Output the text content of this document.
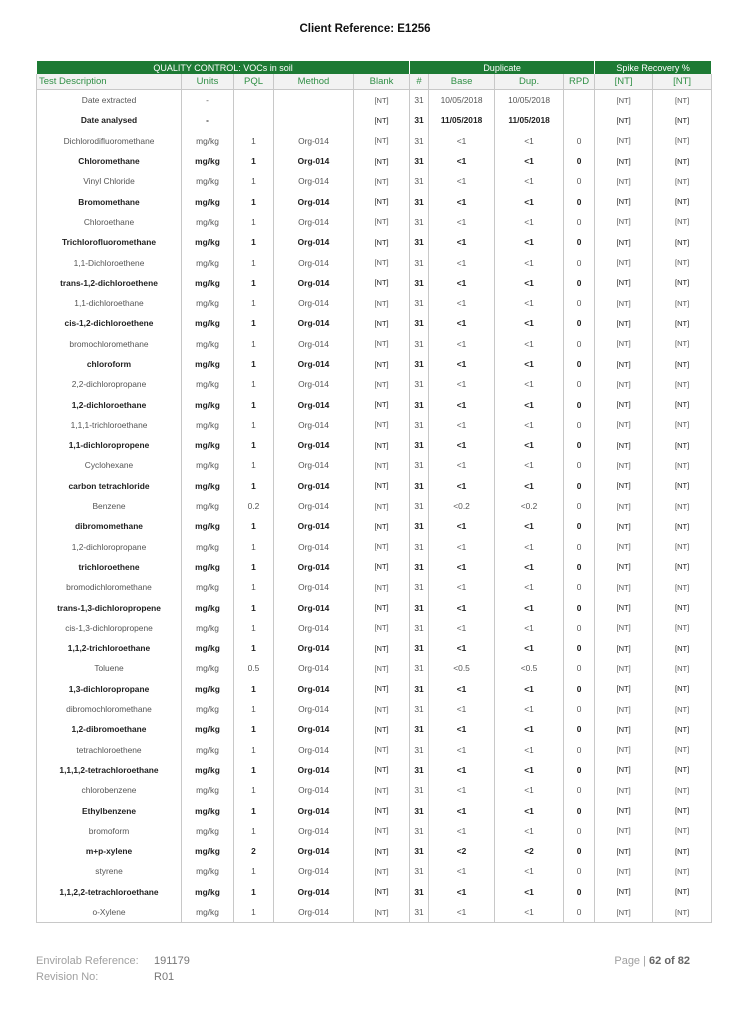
Client Reference: E1256
QUALITY CONTROL: VOCs in soil					Duplicate				Spike Recovery %	
Test Description	Units	PQL	Method	Blank	#	Base	Dup.	RPD	[NT]	[NT]
Date extracted	-			[NT]	31	10/05/2018	10/05/2018		[NT]	[NT]
Date analysed	-			[NT]	31	11/05/2018	11/05/2018		[NT]	[NT]
Dichlorodifluoromethane	mg/kg	1	Org-014	[NT]	31	<1	<1	0	[NT]	[NT]
Chloromethane	mg/kg	1	Org-014	[NT]	31	<1	<1	0	[NT]	[NT]
Vinyl Chloride	mg/kg	1	Org-014	[NT]	31	<1	<1	0	[NT]	[NT]
Bromomethane	mg/kg	1	Org-014	[NT]	31	<1	<1	0	[NT]	[NT]
Chloroethane	mg/kg	1	Org-014	[NT]	31	<1	<1	0	[NT]	[NT]
Trichlorofluoromethane	mg/kg	1	Org-014	[NT]	31	<1	<1	0	[NT]	[NT]
1,1-Dichloroethene	mg/kg	1	Org-014	[NT]	31	<1	<1	0	[NT]	[NT]
trans-1,2-dichloroethene	mg/kg	1	Org-014	[NT]	31	<1	<1	0	[NT]	[NT]
1,1-dichloroethane	mg/kg	1	Org-014	[NT]	31	<1	<1	0	[NT]	[NT]
cis-1,2-dichloroethene	mg/kg	1	Org-014	[NT]	31	<1	<1	0	[NT]	[NT]
bromochloromethane	mg/kg	1	Org-014	[NT]	31	<1	<1	0	[NT]	[NT]
chloroform	mg/kg	1	Org-014	[NT]	31	<1	<1	0	[NT]	[NT]
2,2-dichloropropane	mg/kg	1	Org-014	[NT]	31	<1	<1	0	[NT]	[NT]
1,2-dichloroethane	mg/kg	1	Org-014	[NT]	31	<1	<1	0	[NT]	[NT]
1,1,1-trichloroethane	mg/kg	1	Org-014	[NT]	31	<1	<1	0	[NT]	[NT]
1,1-dichloropropene	mg/kg	1	Org-014	[NT]	31	<1	<1	0	[NT]	[NT]
Cyclohexane	mg/kg	1	Org-014	[NT]	31	<1	<1	0	[NT]	[NT]
carbon tetrachloride	mg/kg	1	Org-014	[NT]	31	<1	<1	0	[NT]	[NT]
Benzene	mg/kg	0.2	Org-014	[NT]	31	<0.2	<0.2	0	[NT]	[NT]
dibromomethane	mg/kg	1	Org-014	[NT]	31	<1	<1	0	[NT]	[NT]
1,2-dichloropropane	mg/kg	1	Org-014	[NT]	31	<1	<1	0	[NT]	[NT]
trichloroethene	mg/kg	1	Org-014	[NT]	31	<1	<1	0	[NT]	[NT]
bromodichloromethane	mg/kg	1	Org-014	[NT]	31	<1	<1	0	[NT]	[NT]
trans-1,3-dichloropropene	mg/kg	1	Org-014	[NT]	31	<1	<1	0	[NT]	[NT]
cis-1,3-dichloropropene	mg/kg	1	Org-014	[NT]	31	<1	<1	0	[NT]	[NT]
1,1,2-trichloroethane	mg/kg	1	Org-014	[NT]	31	<1	<1	0	[NT]	[NT]
Toluene	mg/kg	0.5	Org-014	[NT]	31	<0.5	<0.5	0	[NT]	[NT]
1,3-dichloropropane	mg/kg	1	Org-014	[NT]	31	<1	<1	0	[NT]	[NT]
dibromochloromethane	mg/kg	1	Org-014	[NT]	31	<1	<1	0	[NT]	[NT]
1,2-dibromoethane	mg/kg	1	Org-014	[NT]	31	<1	<1	0	[NT]	[NT]
tetrachloroethene	mg/kg	1	Org-014	[NT]	31	<1	<1	0	[NT]	[NT]
1,1,1,2-tetrachloroethane	mg/kg	1	Org-014	[NT]	31	<1	<1	0	[NT]	[NT]
chlorobenzene	mg/kg	1	Org-014	[NT]	31	<1	<1	0	[NT]	[NT]
Ethylbenzene	mg/kg	1	Org-014	[NT]	31	<1	<1	0	[NT]	[NT]
bromoform	mg/kg	1	Org-014	[NT]	31	<1	<1	0	[NT]	[NT]
m+p-xylene	mg/kg	2	Org-014	[NT]	31	<2	<2	0	[NT]	[NT]
styrene	mg/kg	1	Org-014	[NT]	31	<1	<1	0	[NT]	[NT]
1,1,2,2-tetrachloroethane	mg/kg	1	Org-014	[NT]	31	<1	<1	0	[NT]	[NT]
o-Xylene	mg/kg	1	Org-014	[NT]	31	<1	<1	0	[NT]	[NT]
Envirolab Reference: 191179
Revision No:	R01
Page | 62 of 82
